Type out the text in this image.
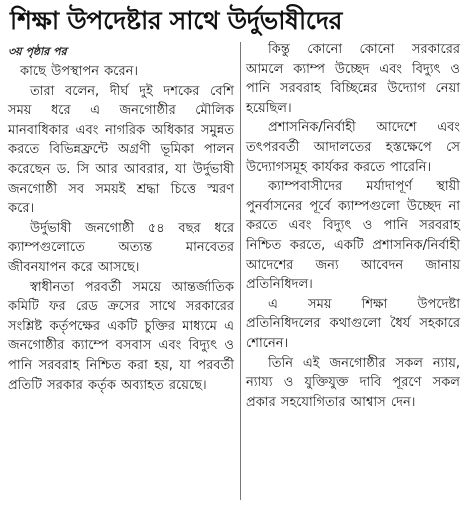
শিক্ষা উপদেষ্টার সাথে উর্দুভাষীদের
৩য় পৃষ্ঠার পর

কাছে উপস্থাপন করেন।

তারা বলেন, দীর্ঘ দুই দশকের বেশি সময় ধরে এ জনগোষ্ঠীর মৌলিক মানবাধিকার এবং নাগরিক অধিকার সমুন্নত করতে বিভিন্নফ্রন্টে অগ্রণী ভূমিকা পালন করেছেন ড. সি আর আবরার, যা উর্দুভাষী জনগোষ্ঠী সব সময়ই শ্রদ্ধা চিত্তে স্মরণ করে।

উর্দুভাষী জনগোষ্ঠী ৫৪ বছর ধরে ক্যাম্পগুলোতে অত্যন্ত মানবেতর জীবনযাপন করে আসছে।

স্বাধীনতা পরবর্তী সময়ে আন্তর্জাতিক কমিটি ফর রেড ক্রসের সাথে সরকারের সংশ্লিষ্ট কর্তৃপক্ষের একটি চুক্তির মাধ্যমে এ জনগোষ্ঠীর ক্যাম্পে বসবাস এবং বিদ্যুৎ ও পানি সরবরাহ নিশ্চিত করা হয়, যা পরবর্তী প্রতিটি সরকার কর্তৃক অব্যাহত রয়েছে।

কিন্তু কোনো কোনো সরকারের আমলে ক্যাম্প উচ্ছেদ এবং বিদ্যুৎ ও পানি সরবরাহ বিচ্ছিন্নের উদ্যোগ নেয়া হয়েছিল।

প্রশাসনিক/নির্বাহী আদেশে এবং তৎপরবর্তী আদালতের হস্তক্ষেপে সে উদ্যোগসমূহ কার্যকর করতে পারেনি।

ক্যাম্পবাসীদের মর্যাদাপূর্ণ স্থায়ী পুনর্বাসনের পূর্বে ক্যাম্পগুলো উচ্ছেদ না করতে এবং বিদ্যুৎ ও পানি সরবরাহ নিশ্চিত করতে, একটি প্রশাসনিক/নির্বাহী আদেশের জন্য আবেদন জানায় প্রতিনিধিদল।

এ সময় শিক্ষা উপদেষ্টা প্রতিনিধিদলের কথাগুলো ধৈর্য সহকারে শোনেন।

তিনি এই জনগোষ্ঠীর সকল ন্যায়, ন্যায্য ও যুক্তিযুক্ত দাবি পূরণে সকল প্রকার সহযোগিতার আশ্বাস দেন।
